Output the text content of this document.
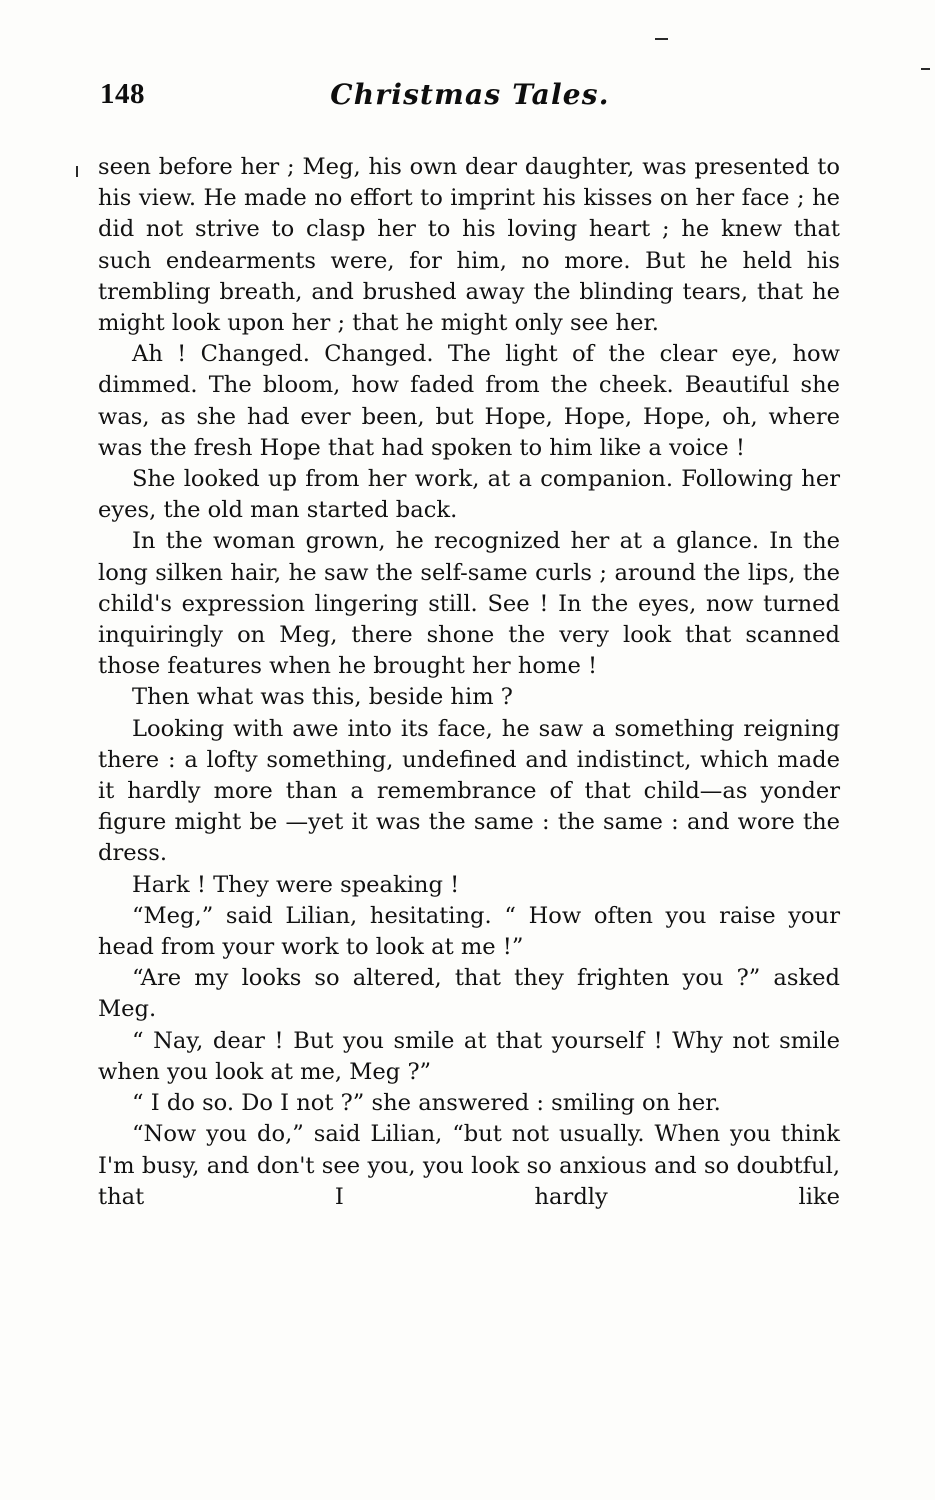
148	Christmas Tales.

seen before her ; Meg, his own dear daughter, was presented to his view. He made no effort to imprint his kisses on her face ; he did not strive to clasp her to his loving heart ; he knew that such endearments were, for him, no more. But he held his trembling breath, and brushed away the blinding tears, that he might look upon her ; that he might only see her.

Ah ! Changed. Changed. The light of the clear eye, how dimmed. The bloom, how faded from the cheek. Beautiful she was, as she had ever been, but Hope, Hope, Hope, oh, where was the fresh Hope that had spoken to him like a voice !

She looked up from her work, at a companion. Following her eyes, the old man started back.

In the woman grown, he recognized her at a glance. In the long silken hair, he saw the self-same curls ; around the lips, the child's expression lingering still. See ! In the eyes, now turned inquiringly on Meg, there shone the very look that scanned those features when he brought her home !

Then what was this, beside him ?

Looking with awe into its face, he saw a something reigning there : a lofty something, undefined and indistinct, which made it hardly more than a remembrance of that child—as yonder figure might be —yet it was the same : the same : and wore the dress.

Hark ! They were speaking !

“Meg,” said Lilian, hesitating. “ How often you raise your head from your work to look at me !”

“Are my looks so altered, that they frighten you ?” asked Meg.

“ Nay, dear ! But you smile at that yourself ! Why not smile when you look at me, Meg ?”

“ I do so. Do I not ?” she answered : smiling on her.

“Now you do,” said Lilian, “but not usually. When you think I'm busy, and don't see you, you look so anxious and so doubtful, that I hardly like
